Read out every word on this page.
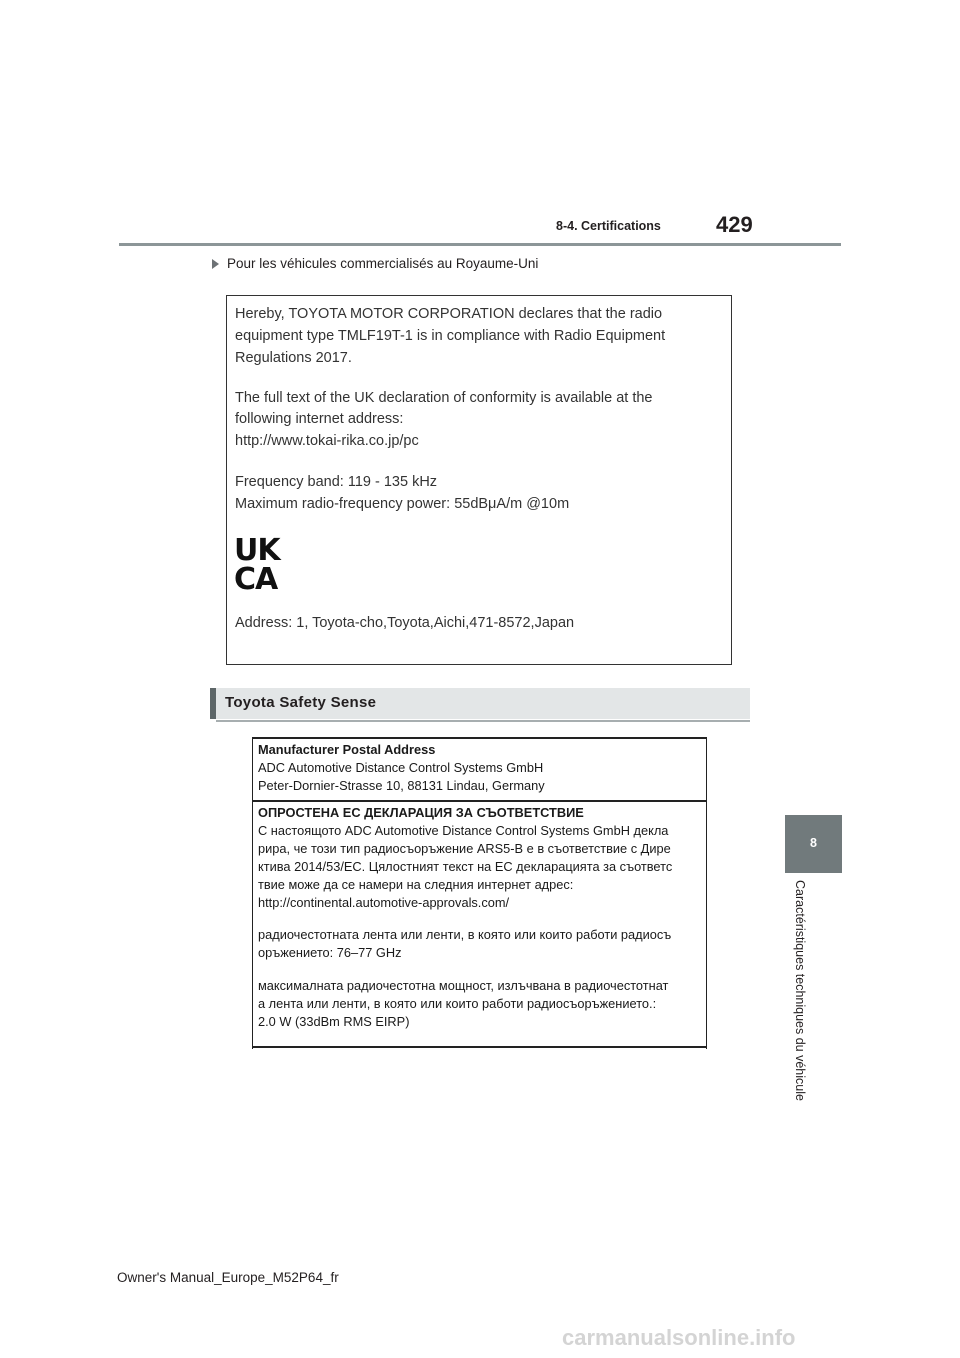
8-4. Certifications	429
Pour les véhicules commercialisés au Royaume-Uni
Hereby, TOYOTA MOTOR CORPORATION declares that the radio
equipment type TMLF19T-1 is in compliance with Radio Equipment
Regulations 2017.
The full text of the UK declaration of conformity is available at the
following internet address:
http://www.tokai-rika.co.jp/pc
Frequency band: 119 - 135 kHz
Maximum radio-frequency power: 55dBμA/m @10m
UK
CA
Address: 1, Toyota-cho,Toyota,Aichi,471-8572,Japan
Toyota Safety Sense
Manufacturer Postal Address
ADC Automotive Distance Control Systems GmbH
Peter-Dornier-Strasse 10, 88131 Lindau, Germany
ОПРОСТЕНА ЕС ДЕКЛАРАЦИЯ ЗА СЪОТВЕТСТВИЕ
С настоящото ADC Automotive Distance Control Systems GmbH декла
рира, че този тип радиосъоръжение ARS5-B е в съответствие с Дире
ктива 2014/53/ЕС. Цялостният текст на ЕС декларацията за съответс
твие може да се намери на следния интернет адрес:
http://continental.automotive-approvals.com/
радиочестотната лента или ленти, в която или които работи радиосъ
оръжението: 76–77 GHz
максималната радиочестотна мощност, излъчвана в радиочестотнат
а лента или ленти, в която или които работи радиосъоръжението.:
2.0 W (33dBm RMS EIRP)
8
Caractéristiques techniques du véhicule
Owner's Manual_Europe_M52P64_fr
carmanualsonline.info
